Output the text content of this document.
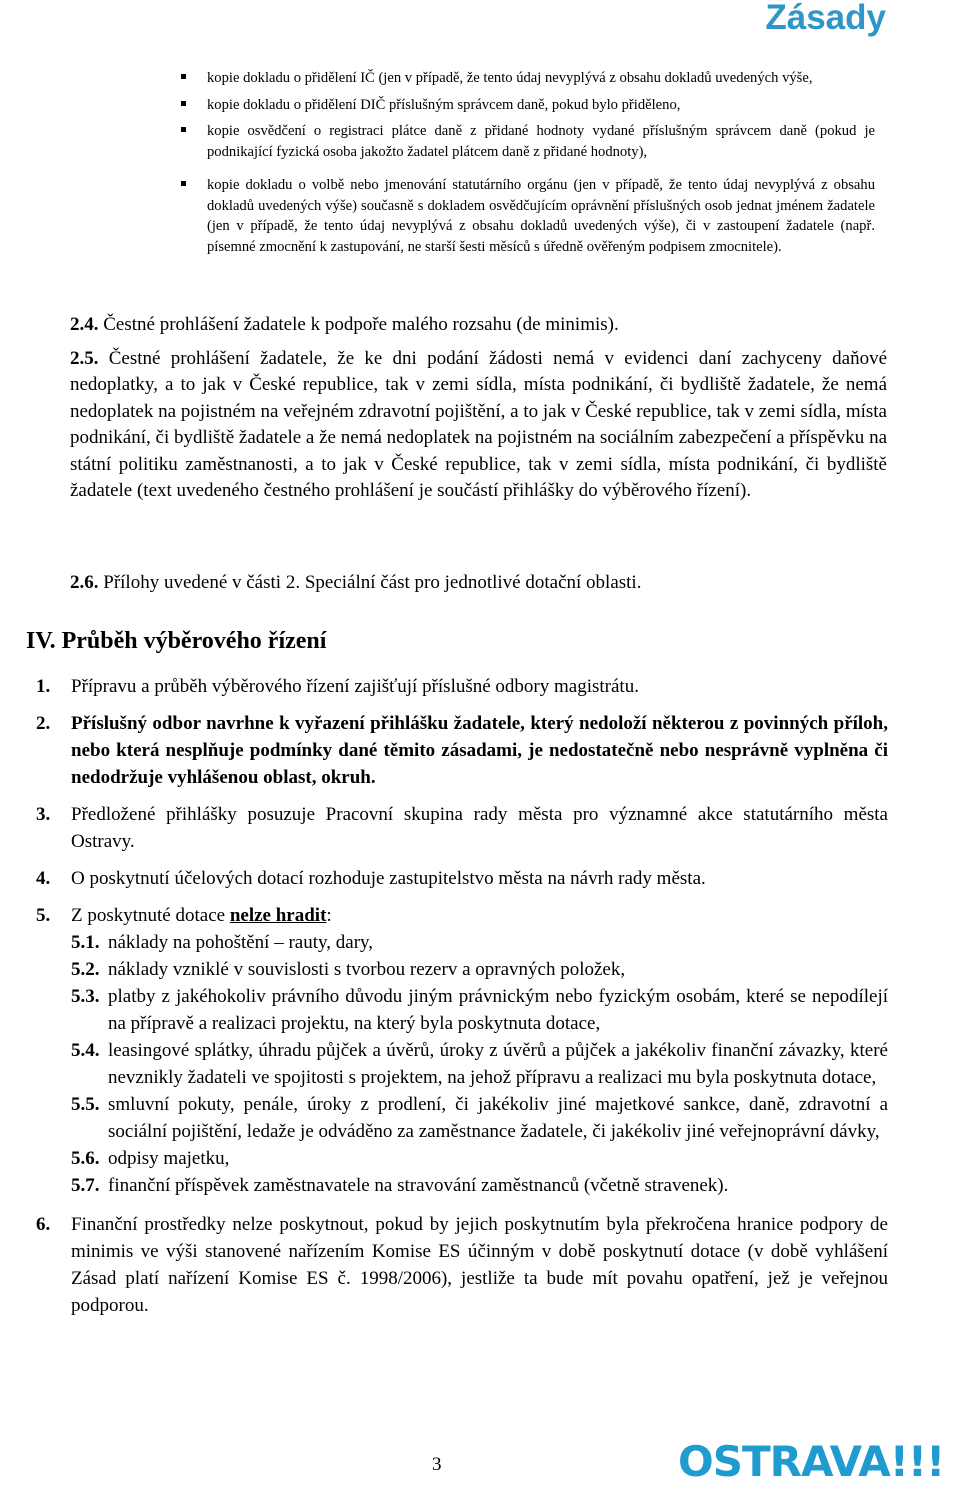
Zásady
kopie dokladu o přidělení IČ (jen v případě, že tento údaj nevyplývá z obsahu dokladů uvedených výše,
kopie dokladu o přidělení DIČ příslušným správcem daně, pokud bylo přiděleno,
kopie osvědčení o registraci plátce daně z přidané hodnoty vydané příslušným správcem daně (pokud je podnikající fyzická osoba jakožto žadatel plátcem daně z přidané hodnoty),
kopie dokladu o volbě nebo jmenování statutárního orgánu (jen v případě, že tento údaj nevyplývá z obsahu dokladů uvedených výše) současně s dokladem osvědčujícím oprávnění příslušných osob jednat jménem žadatele (jen v případě, že tento údaj nevyplývá z obsahu dokladů uvedených výše), či v zastoupení žadatele (např. písemné zmocnění k zastupování, ne starší šesti měsíců s úředně ověřeným podpisem zmocnitele).
2.4. Čestné prohlášení žadatele k podpoře malého rozsahu (de minimis).
2.5. Čestné prohlášení žadatele, že ke dni podání žádosti nemá v evidenci daní zachyceny daňové nedoplatky, a to jak v České republice, tak v zemi sídla, místa podnikání, či bydliště žadatele, že nemá nedoplatek na pojistném na veřejném zdravotní pojištění, a to jak v České republice, tak v zemi sídla, místa podnikání, či bydliště žadatele a že nemá nedoplatek na pojistném na sociálním zabezpečení a příspěvku na státní politiku zaměstnanosti, a to jak v České republice, tak v zemi sídla, místa podnikání, či bydliště žadatele (text uvedeného čestného prohlášení je součástí přihlášky do výběrového řízení).
2.6. Přílohy uvedené v části 2. Speciální část pro jednotlivé dotační oblasti.
IV. Průběh výběrového řízení
1. Přípravu a průběh výběrového řízení zajišťují příslušné odbory magistrátu.
2. Příslušný odbor navrhne k vyřazení přihlášku žadatele, který nedoloží některou z povinných příloh, nebo která nesplňuje podmínky dané těmito zásadami, je nedostatečně nebo nesprávně vyplněna či nedodržuje vyhlášenou oblast, okruh.
3. Předložené přihlášky posuzuje Pracovní skupina rady města pro významné akce statutárního města Ostravy.
4. O poskytnutí účelových dotací rozhoduje zastupitelstvo města na návrh rady města.
5. Z poskytnuté dotace nelze hradit:
5.1. náklady na pohoštění – rauty, dary,
5.2. náklady vzniklé v souvislosti s tvorbou rezerv a opravných položek,
5.3. platby z jakéhokoliv právního důvodu jiným právnickým nebo fyzickým osobám, které se nepodílejí na přípravě a realizaci projektu, na který byla poskytnuta dotace,
5.4. leasingové splátky, úhradu půjček a úvěrů, úroky z úvěrů a půjček a jakékoliv finanční závazky, které nevznikly žadateli ve spojitosti s projektem, na jehož přípravu a realizaci mu byla poskytnuta dotace,
5.5. smluvní pokuty, penále, úroky z prodlení, či jakékoliv jiné majetkové sankce, daně, zdravotní a sociální pojištění, ledaže je odváděno za zaměstnance žadatele, či jakékoliv jiné veřejnoprávní dávky,
5.6. odpisy majetku,
5.7. finanční příspěvek zaměstnavatele na stravování zaměstnanců (včetně stravenek).
6. Finanční prostředky nelze poskytnout, pokud by jejich poskytnutím byla překročena hranice podpory de minimis ve výši stanovené nařízením Komise ES účinným v době poskytnutí dotace (v době vyhlášení Zásad platí nařízení Komise ES č. 1998/2006), jestliže ta bude mít povahu opatření, jež je veřejnou podporou.
3	OSTRAVA!!!
